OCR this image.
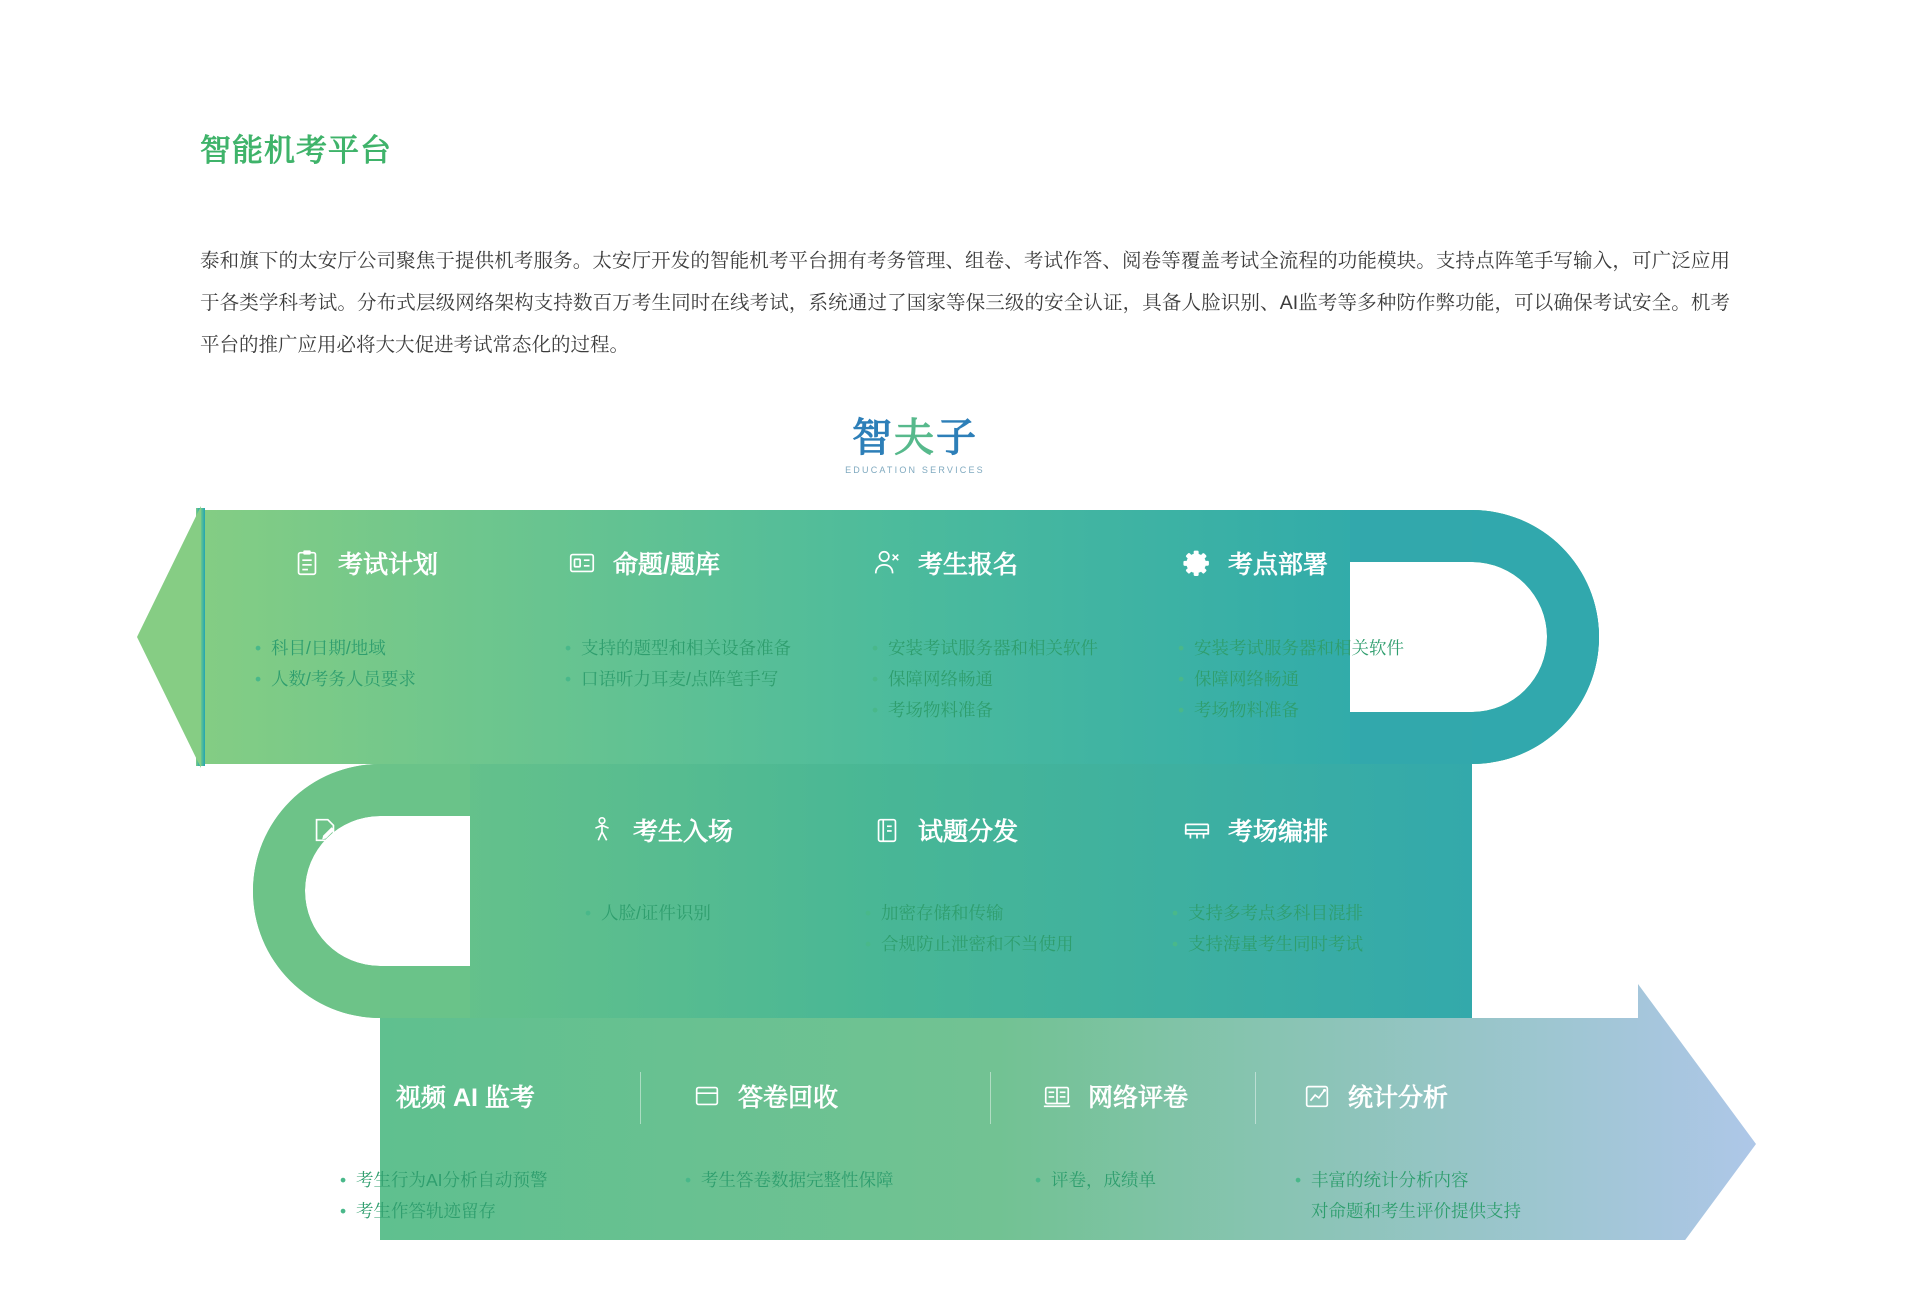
智能机考平台
泰和旗下的太安厅公司聚焦于提供机考服务。太安厅开发的智能机考平台拥有考务管理、组卷、考试作答、阅卷等覆盖考试全流程的功能模块。支持点阵笔手写输入，可广泛应用于各类学科考试。分布式层级网络架构支持数百万考生同时在线考试，系统通过了国家等保三级的安全认证，具备人脸识别、AI监考等多种防作弊功能，可以确保考试安全。机考平台的推广应用必将大大促进考试常态化的过程。
智夫子
EDUCATION SERVICES
考试计划	命题/题库	考生报名	考点部署
• 科目/日期/地域
• 人数/考务人员要求
• 支持的题型和相关设备准备
• 口语听力耳麦/点阵笔手写
• 安装考试服务器和相关软件
• 保障网络畅通
• 考场物料准备
• 安装考试服务器和相关软件
• 保障网络畅通
• 考场物料准备
考生作答	考生入场	试题分发	考场编排
• 人脸/证件识别	• 加密存储和传输
• 合规防止泄密和不当使用
• 支持多考点多科目混排
• 支持海量考生同时考试
AI 视频 AI 监考	答卷回收	网络评卷	统计分析
• 考生行为AI分析自动预警
• 考生作答轨迹留存
• 考生答卷数据完整性保障	• 评卷，成绩单	• 丰富的统计分析内容
对命题和考生评价提供支持
